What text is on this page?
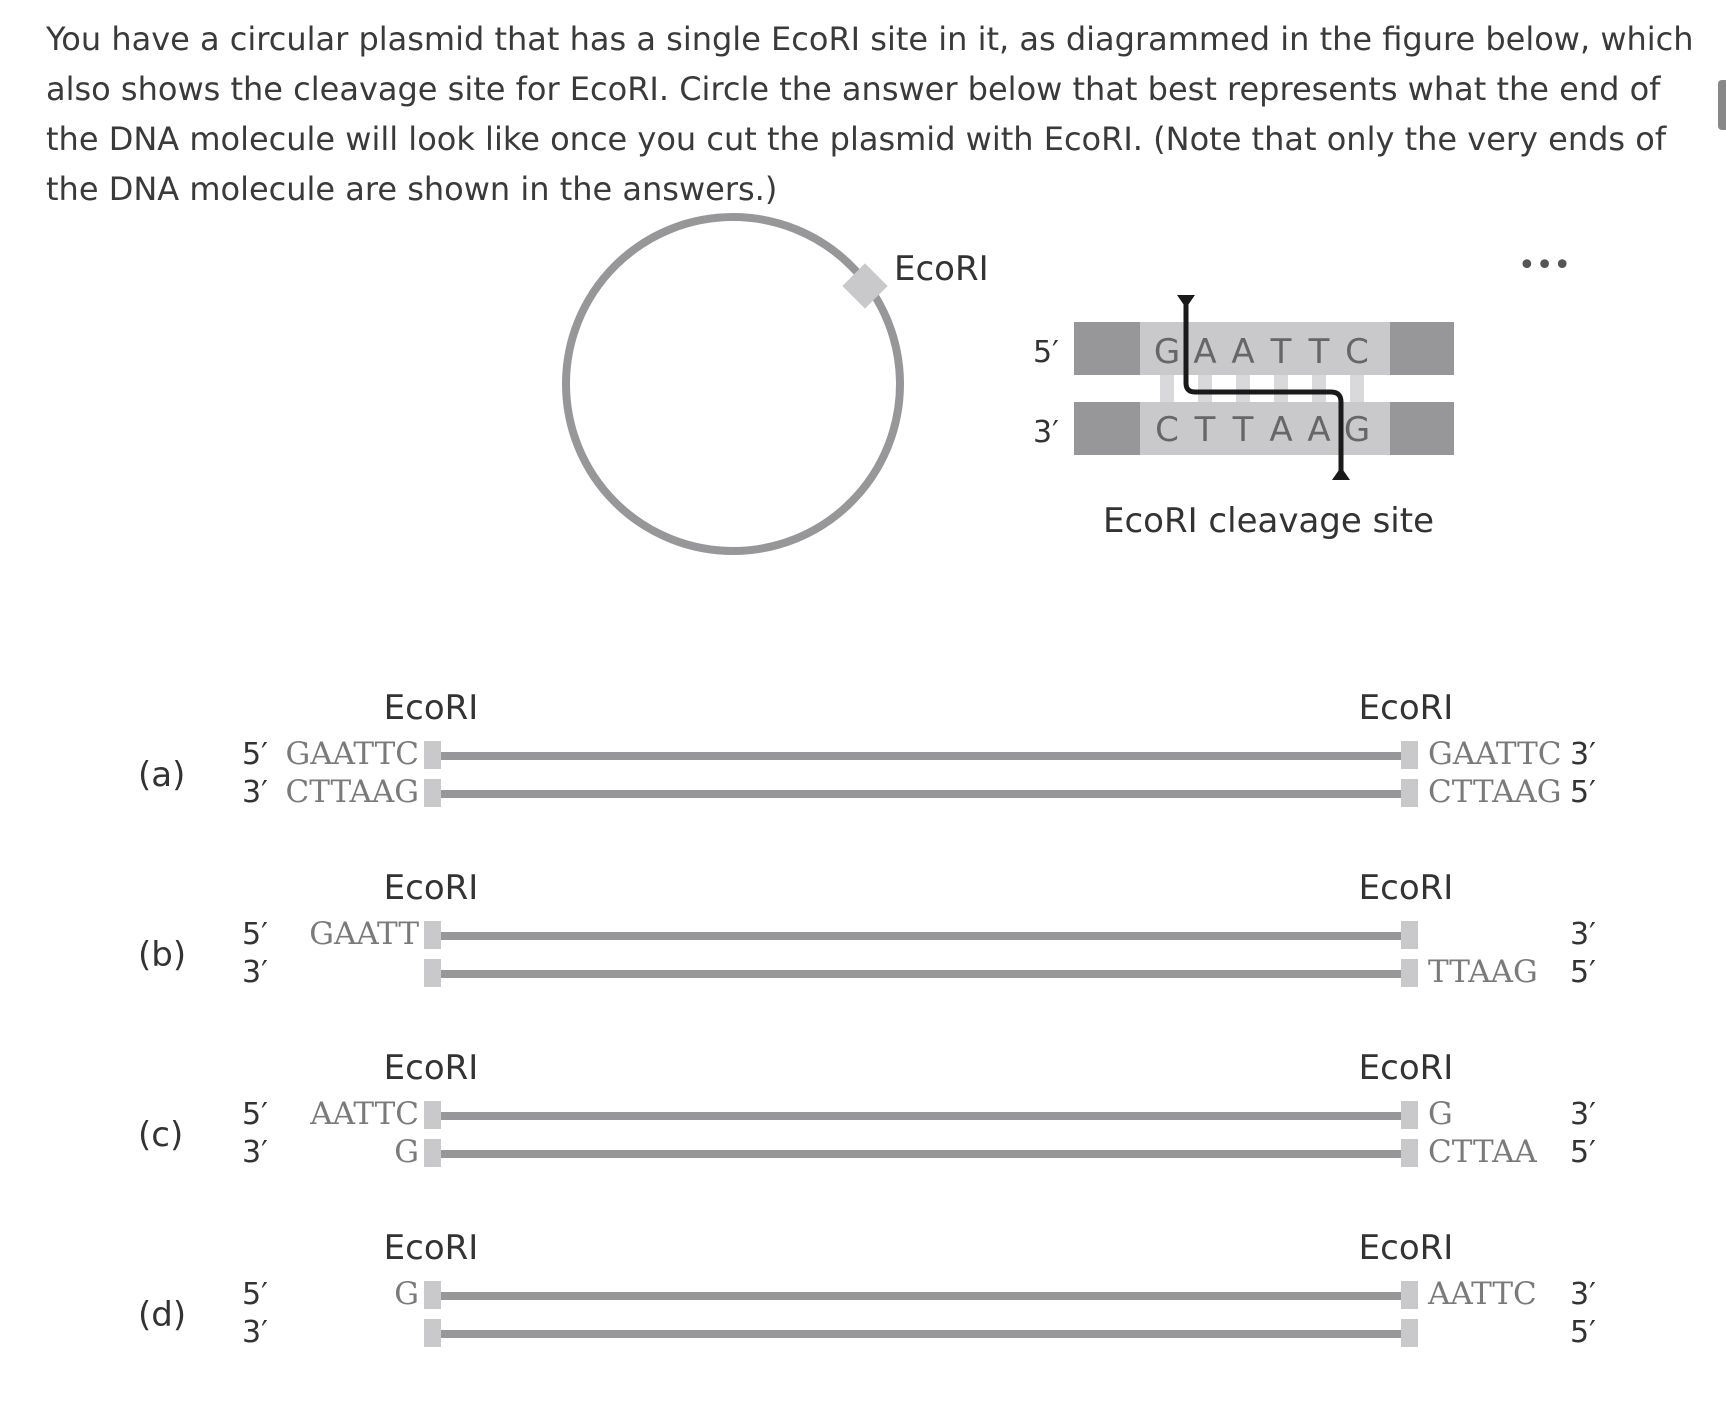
You have a circular plasmid that has a single EcoRI site in it, as diagrammed in the figure below, which also shows the cleavage site for EcoRI. Circle the answer below that best represents what the end of the DNA molecule will look like once you cut the plasmid with EcoRI. (Note that only the very ends of the DNA molecule are shown in the answers.)

•••
EcoRI
5′
3′
G A A T T C
C T T A A G
EcoRI cleavage site
(a)
EcoRI	EcoRI
5′
3′
GAATTC
CTTAAG
GAATTC
CTTAAG
3′
5′
(b)
EcoRI	EcoRI
5′
3′
GAATT
TTAAG
3′
5′
(c)
EcoRI	EcoRI
5′
3′
AATTC
G
G
CTTAA
3′
5′
(d)
EcoRI	EcoRI
5′
3′
G	AATTC 3′
5′
